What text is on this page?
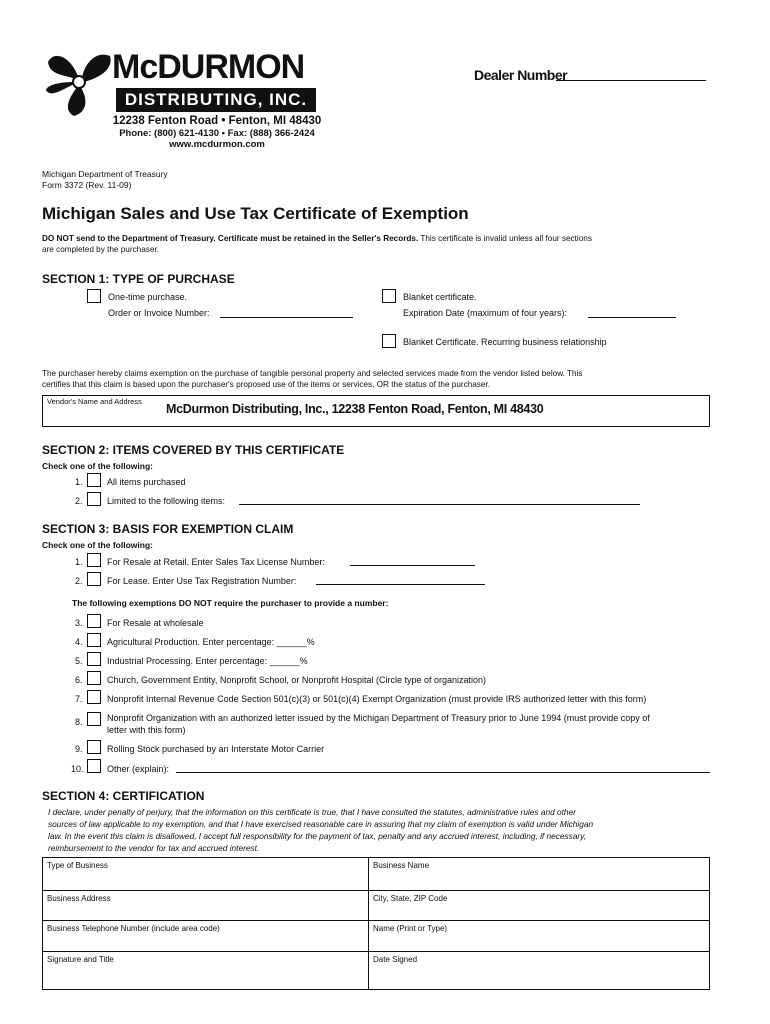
McDURMON
DISTRIBUTING, INC.
12238 Fenton Road • Fenton, MI 48430
Phone: (800) 621-4130 • Fax: (888) 366-2424
www.mcdurmon.com
Dealer Number
Michigan Department of Treasury
Form 3372 (Rev. 11-09)
Michigan Sales and Use Tax Certificate of Exemption
DO NOT send to the Department of Treasury. Certificate must be retained in the Seller's Records. This certificate is invalid unless all four sections
are completed by the purchaser.
SECTION 1: TYPE OF PURCHASE
One-time purchase.
Order or Invoice Number:
Blanket certificate.
Expiration Date (maximum of four years):
Blanket Certificate. Recurring business relationship
The purchaser hereby claims exemption on the purchase of tangible personal property and selected services made from the vendor listed below. This
certifies that this claim is based upon the purchaser's proposed use of the items or services, OR the status of the purchaser.
Vendor's Name and Address
McDurmon Distributing, Inc., 12238 Fenton Road, Fenton, MI 48430
SECTION 2: ITEMS COVERED BY THIS CERTIFICATE
Check one of the following:
1.	All items purchased
2.	Limited to the following items:
SECTION 3: BASIS FOR EXEMPTION CLAIM
Check one of the following:
1.	For Resale at Retail. Enter Sales Tax License Number:
2.	For Lease. Enter Use Tax Registration Number:
The following exemptions DO NOT require the purchaser to provide a number:
3.	For Resale at wholesale
4.	Agricultural Production. Enter percentage: ______%
5.	Industrial Processing. Enter percentage: ______%
6.	Church, Government Entity, Nonprofit School, or Nonprofit Hospital (Circle type of organization)
7.	Nonprofit Internal Revenue Code Section 501(c)(3) or 501(c)(4) Exempt Organization (must provide IRS authorized letter with this form)
8.	Nonprofit Organization with an authorized letter issued by the Michigan Department of Treasury prior to June 1994 (must provide copy of
letter with this form)
9.	Rolling Stock purchased by an Interstate Motor Carrier
10.	Other (explain):
SECTION 4: CERTIFICATION
I declare, under penalty of perjury, that the information on this certificate is true, that I have consulted the statutes, administrative rules and other
sources of law applicable to my exemption, and that I have exercised reasonable care in assuring that my claim of exemption is valid under Michigan
law. In the event this claim is disallowed, I accept full responsibility for the payment of tax, penalty and any accrued interest, including, if necessary,
reimbursement to the vendor for tax and accrued interest.
Type of Business	Business Name
Business Address	City, State, ZIP Code
Business Telephone Number (include area code)	Name (Print or Type)
Signature and Title	Date Signed
